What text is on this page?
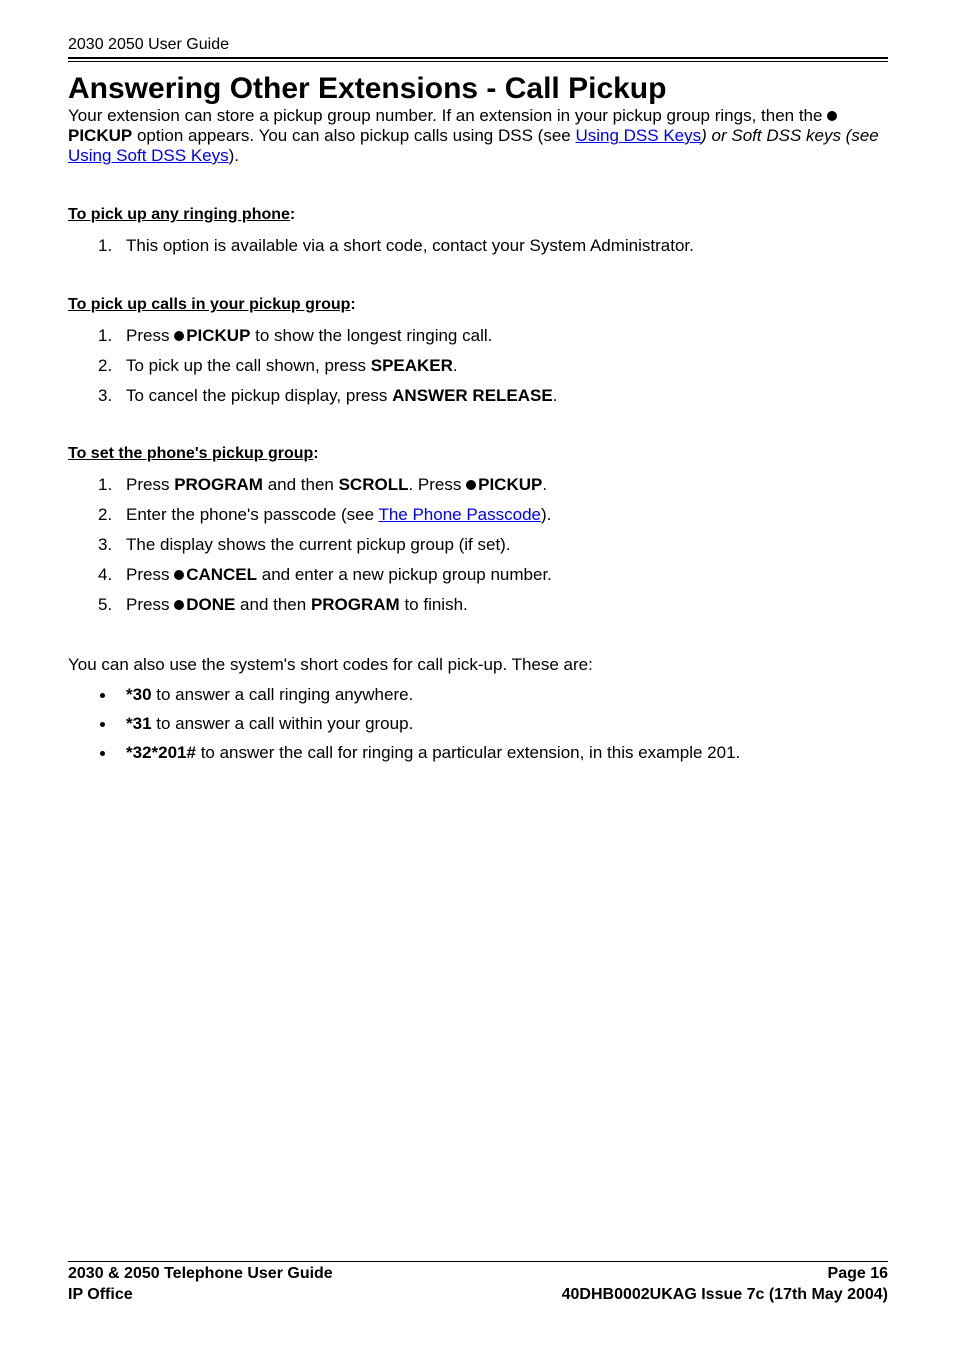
2030 2050 User Guide
Answering Other Extensions - Call Pickup

Your extension can store a pickup group number. If an extension in your pickup group rings, then the PICKUP option appears. You can also pickup calls using DSS (see Using DSS Keys) or Soft DSS keys (see Using Soft DSS Keys).

To pick up any ringing phone:

1. This option is available via a short code, contact your System Administrator.

To pick up calls in your pickup group:

1. Press PICKUP to show the longest ringing call.
2. To pick up the call shown, press SPEAKER.
3. To cancel the pickup display, press ANSWER RELEASE.

To set the phone's pickup group:

1. Press PROGRAM and then SCROLL. Press PICKUP.
2. Enter the phone's passcode (see The Phone Passcode).
3. The display shows the current pickup group (if set).
4. Press CANCEL and enter a new pickup group number.
5. Press DONE and then PROGRAM to finish.

You can also use the system's short codes for call pick-up. These are:

*30 to answer a call ringing anywhere.
*31 to answer a call within your group.
*32*201# to answer the call for ringing a particular extension, in this example 201.
2030 & 2050 Telephone User Guide	Page 16
IP Office	40DHB0002UKAG Issue 7c (17th May 2004)
